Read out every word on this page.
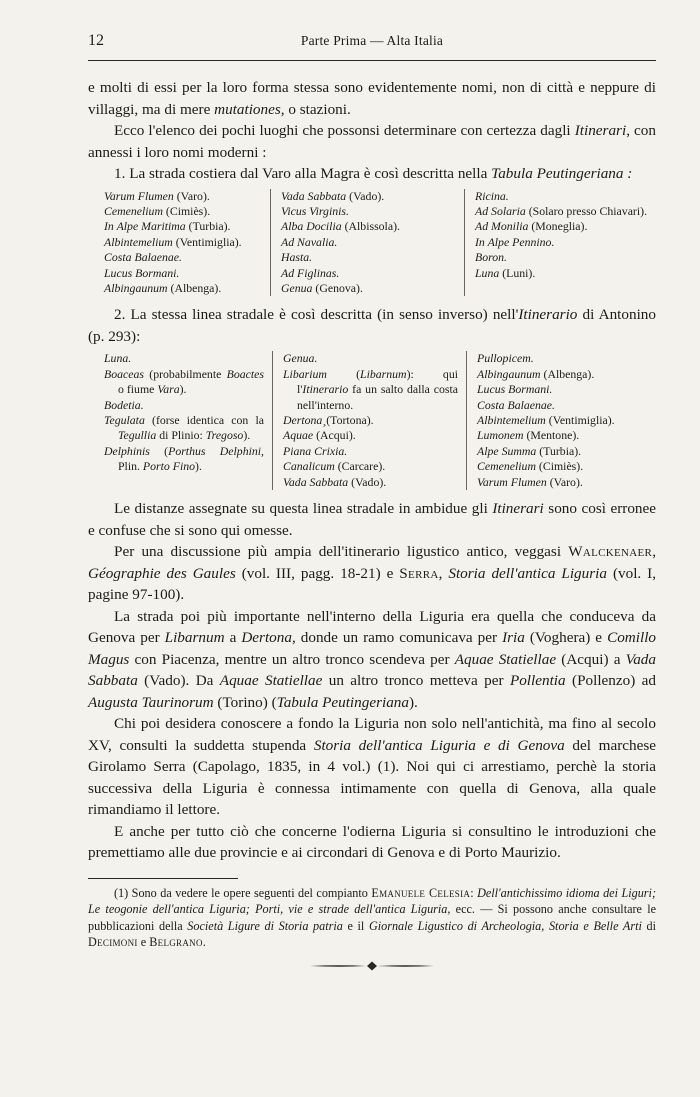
12	Parte Prima — Alta Italia

e molti di essi per la loro forma stessa sono evidentemente nomi, non di città e neppure di villaggi, ma di mere mutationes, o stazioni.

Ecco l'elenco dei pochi luoghi che possonsi determinare con certezza dagli Itinerari, con annessi i loro nomi moderni :

1. La strada costiera dal Varo alla Magra è così descritta nella Tabula Peutingeriana :

Varum Flumen (Varo).
Cemenelium (Cimiès).
In Alpe Maritima (Turbia).
Albintemelium (Ventimiglia).
Costa Balaenae.
Lucus Bormani.
Albingaunum (Albenga).
Vada Sabbata (Vado).
Vicus Virginis.
Alba Docilia (Albissola).
Ad Navalia.
Hasta.
Ad Figlinas.
Genua (Genova).
Ricina.
Ad Solaria (Solaro presso Chiavari).
Ad Monilia (Moneglia).
In Alpe Pennino.
Boron.
Luna (Luni).

2. La stessa linea stradale è così descritta (in senso inverso) nell'Itinerario di Antonino (p. 293):

Luna.
Boaceas (probabilmente Boactes o fiume Vara).
Bodetia.
Tegulata (forse identica con la Tegullia di Plinio: Tregoso).
Delphinis (Porthus Delphini, Plin. Porto Fino).
Genua.
Libarium (Libarnum): qui l'Itinerario fa un salto dalla costa nell'interno.
Dertona¸(Tortona).
Aquae (Acqui).
Piana Crixia.
Canalicum (Carcare).
Vada Sabbata (Vado).
Pullopicem.
Albingaunum (Albenga).
Lucus Bormani.
Costa Balaenae.
Albintemelium (Ventimiglia).
Lumonem (Mentone).
Alpe Summa (Turbia).
Cemenelium (Cimiès).
Varum Flumen (Varo).

Le distanze assegnate su questa linea stradale in ambidue gli Itinerari sono così erronee e confuse che si sono qui omesse.

Per una discussione più ampia dell'itinerario ligustico antico, veggasi Walckenaer, Géographie des Gaules (vol. III, pagg. 18-21) e Serra, Storia dell'antica Liguria (vol. I, pagine 97-100).

La strada poi più importante nell'interno della Liguria era quella che conduceva da Genova per Libarnum a Dertona, donde un ramo comunicava per Iria (Voghera) e Comillo Magus con Piacenza, mentre un altro tronco scendeva per Aquae Statiellae (Acqui) a Vada Sabbata (Vado). Da Aquae Statiellae un altro tronco metteva per Pollentia (Pollenzo) ad Augusta Taurinorum (Torino) (Tabula Peutingeriana).

Chi poi desidera conoscere a fondo la Liguria non solo nell'antichità, ma fino al secolo XV, consulti la suddetta stupenda Storia dell'antica Liguria e di Genova del marchese Girolamo Serra (Capolago, 1835, in 4 vol.) (1). Noi qui ci arrestiamo, perchè la storia successiva della Liguria è connessa intimamente con quella di Genova, alla quale rimandiamo il lettore.

E anche per tutto ciò che concerne l'odierna Liguria si consultino le introduzioni che premettiamo alle due provincie e ai circondari di Genova e di Porto Maurizio.

(1) Sono da vedere le opere seguenti del compianto Emanuele Celesia: Dell'antichissimo idioma dei Liguri; Le teogonie dell'antica Liguria; Porti, vie e strade dell'antica Liguria, ecc. — Si possono anche consultare le pubblicazioni della Società Ligure di Storia patria e il Giornale Ligustico di Archeologia, Storia e Belle Arti di Decimoni e Belgrano.
